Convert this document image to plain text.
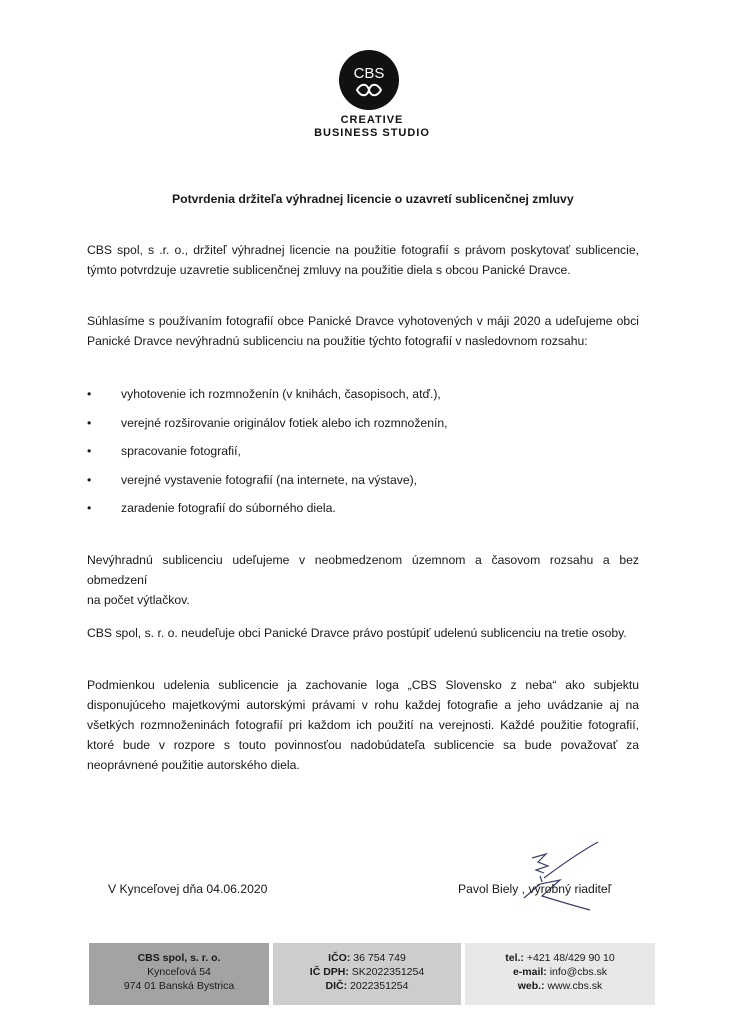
CBS
CREATIVE
BUSINESS STUDIO
Potvrdenia držiteľa výhradnej licencie o uzavretí sublicenčnej zmluvy
CBS spol, s .r. o., držiteľ výhradnej licencie na použitie fotografií s právom poskytovať sublicencie,
týmto potvrdzuje uzavretie sublicenčnej zmluvy na použitie diela s obcou Panické Dravce.
Súhlasíme s používaním fotografií obce Panické Dravce vyhotovených v máji 2020 a udeľujeme obci
Panické Dravce nevýhradnú sublicenciu na použitie týchto fotografií v nasledovnom rozsahu:
•	vyhotovenie ich rozmnoženín (v knihách, časopisoch, atď.),
•	verejné rozširovanie originálov fotiek alebo ich rozmnoženín,
•	spracovanie fotografií,
•	verejné vystavenie fotografií (na internete, na výstave),
•	zaradenie fotografií do súborného diela.
Nevýhradnú sublicenciu udeľujeme v neobmedzenom územnom a časovom rozsahu a bez obmedzení
na počet výtlačkov.
CBS spol, s. r. o. neudeľuje obci Panické Dravce právo postúpiť udelenú sublicenciu na tretie osoby.
Podmienkou udelenia sublicencie ja zachovanie loga „CBS Slovensko z neba“ ako subjektu
disponujúceho majetkovými autorskými právami v rohu každej fotografie a jeho uvádzanie aj na
všetkých rozmnoženinách fotografií pri každom ich použití na verejnosti. Každé použitie fotografií,
ktoré bude v rozpore s touto povinnosťou nadobúdateľa sublicencie sa bude považovať za
neoprávnené použitie autorského diela.
V Kynceľovej dňa 04.06.2020	Pavol Biely , výrobný riaditeľ
CBS spol, s. r. o.
Kynceľová 54
974 01 Banská Bystrica
IČO: 36 754 749
IČ DPH: SK2022351254
DIČ: 2022351254
tel.: +421 48/429 90 10
e-mail: info@cbs.sk
web.: www.cbs.sk
